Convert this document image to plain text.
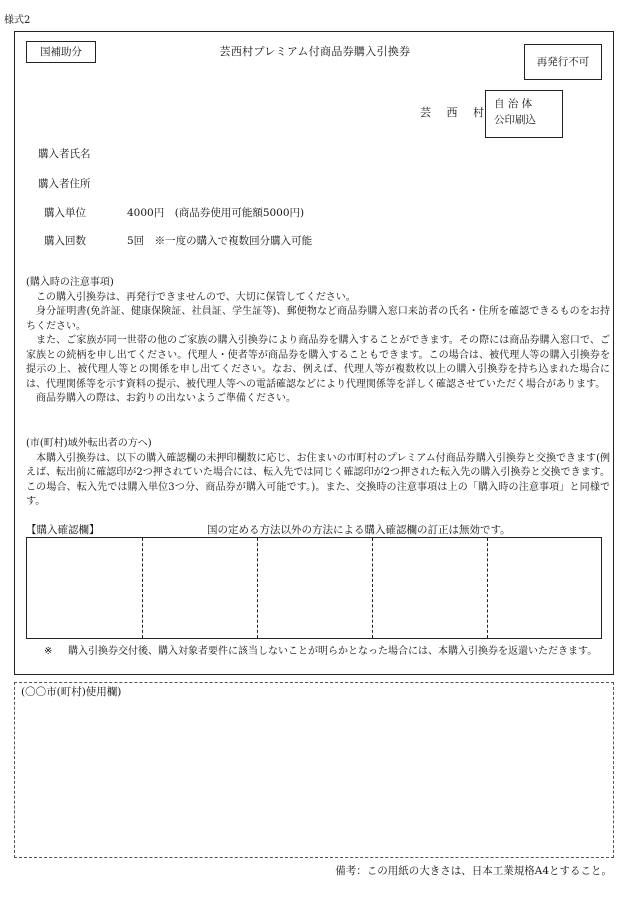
様式2
国補助分	芸西村プレミアム付商品券購入引換券
再発行不可
芸 西 村
自 治 体
公印刷込
購入者氏名
購入者住所
購入単位	4000円　(商品券使用可能額5000円)
購入回数	5回　※一度の購入で複数回分購入可能

(購入時の注意事項)

この購入引換券は、再発行できませんので、大切に保管してください。

身分証明書(免許証、健康保険証、社員証、学生証等)、郵便物など商品券購入窓口来訪者の氏名・住所を確認できるものをお持ちください。

また、ご家族が同一世帯の他のご家族の購入引換券により商品券を購入することができます。その際には商品券購入窓口で、ご家族との続柄を申し出てください。代理人・使者等が商品券を購入することもできます。この場合は、被代理人等の購入引換券を提示の上、被代理人等との関係を申し出てください。なお、例えば、代理人等が複数枚以上の購入引換券を持ち込まれた場合には、代理関係等を示す資料の提示、被代理人等への電話確認などにより代理関係等を詳しく確認させていただく場合があります。

商品券購入の際は、お釣りの出ないようご準備ください。

(市(町村)域外転出者の方へ)

本購入引換券は、以下の購入確認欄の未押印欄数に応じ、お住まいの市町村のプレミアム付商品券購入引換券と交換できます(例えば、転出前に確認印が2つ押されていた場合には、転入先では同じく確認印が2つ押された転入先の購入引換券と交換できます。この場合、転入先では購入単位3つ分、商品券が購入可能です。)。また、交換時の注意事項は上の「購入時の注意事項」と同様です。

【購入確認欄】	国の定める方法以外の方法による購入確認欄の訂正は無効です。
※	購入引換券交付後、購入対象者要件に該当しないことが明らかとなった場合には、本購入引換券を返還いただきます。
(〇〇市(町村)使用欄)
備考：この用紙の大きさは、日本工業規格A4とすること。
